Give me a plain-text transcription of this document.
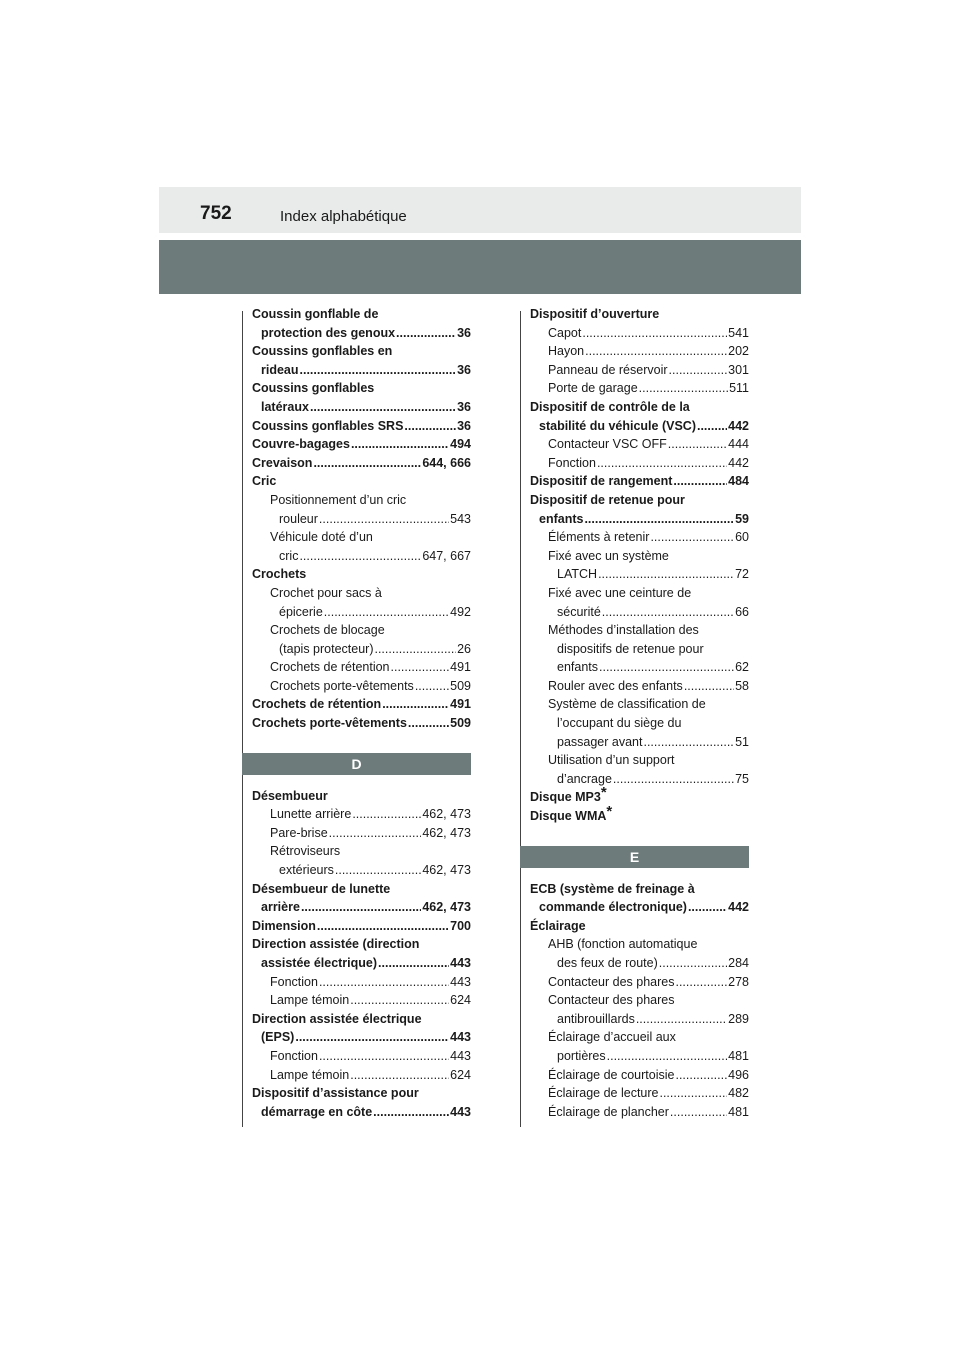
752	Index alphabétique
Coussin gonflable de
protection des genoux .....	36
Coussins gonflables en
rideau .....	36
Coussins gonflables
latéraux .....	36
Coussins gonflables SRS .....	36
Couvre-bagages .....	494
Crevaison .....	644, 666
Cric
Positionnement d’un cric
rouleur .....	543
Véhicule doté d’un
cric .....	647, 667
Crochets
Crochet pour sacs à
épicerie .....	492
Crochets de blocage
(tapis protecteur) .....	26
Crochets de rétention .....	491
Crochets porte-vêtements .....	509
Crochets de rétention .....	491
Crochets porte-vêtements .....	509
D
Désembueur
Lunette arrière .....	462, 473
Pare-brise .....	462, 473
Rétroviseurs
extérieurs .....	462, 473
Désembueur de lunette
arrière .....	462, 473
Dimension .....	700
Direction assistée (direction
assistée électrique) .....	443
Fonction .....	443
Lampe témoin .....	624
Direction assistée électrique
(EPS) .....	443
Fonction .....	443
Lampe témoin .....	624
Dispositif d’assistance pour
démarrage en côte .....	443
Dispositif d’ouverture
Capot .....	541
Hayon .....	202
Panneau de réservoir .....	301
Porte de garage .....	511
Dispositif de contrôle de la
stabilité du véhicule (VSC) .....	442
Contacteur VSC OFF .....	444
Fonction .....	442
Dispositif de rangement .....	484
Dispositif de retenue pour
enfants .....	59
Éléments à retenir .....	60
Fixé avec un système
LATCH .....	72
Fixé avec une ceinture de
sécurité .....	66
Méthodes d’installation des
dispositifs de retenue pour
enfants .....	62
Rouler avec des enfants .....	58
Système de classification de
l’occupant du siège du
passager avant .....	51
Utilisation d’un support
d’ancrage .....	75
Disque MP3*
Disque WMA*
E
ECB (système de freinage à
commande électronique) .....	442
Éclairage
AHB (fonction automatique
des feux de route) .....	284
Contacteur des phares .....	278
Contacteur des phares
antibrouillards .....	289
Éclairage d’accueil aux
portières .....	481
Éclairage de courtoisie .....	496
Éclairage de lecture .....	482
Éclairage de plancher .....	481
